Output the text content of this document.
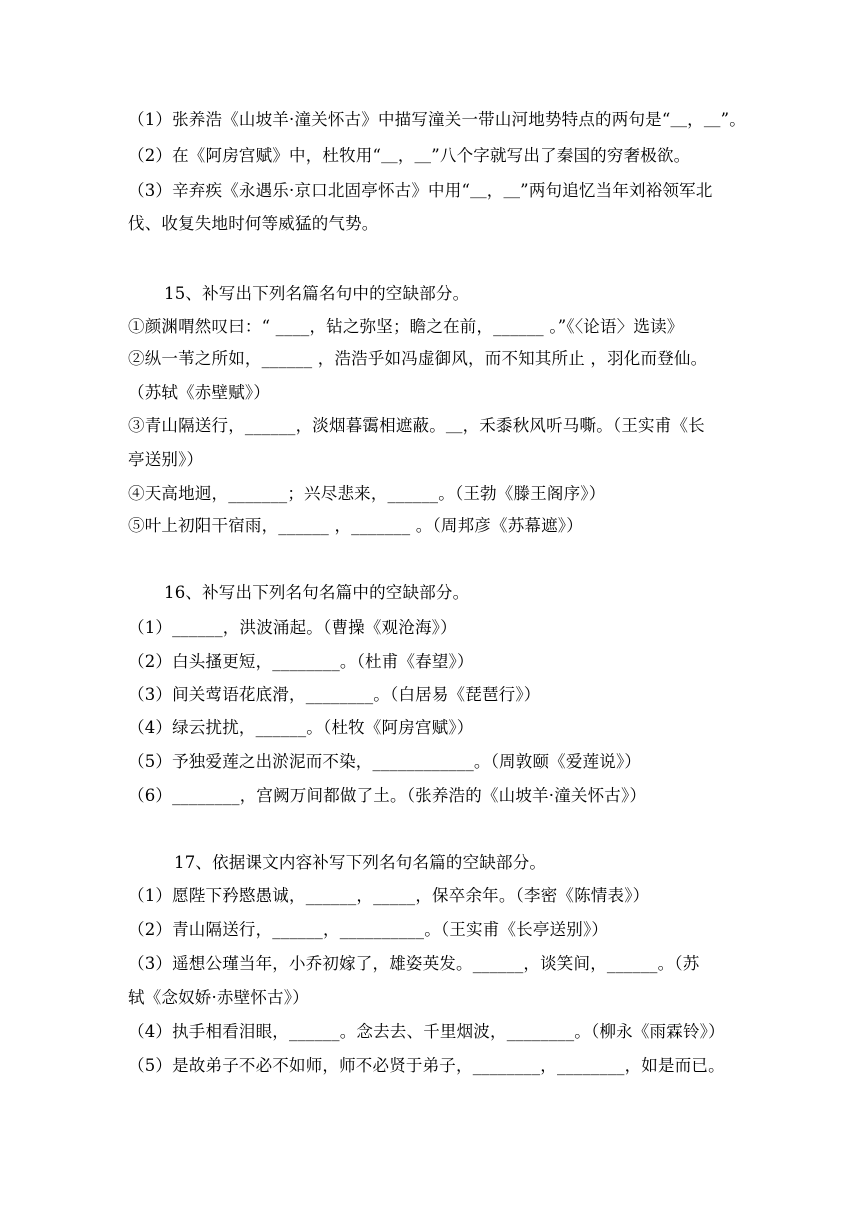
（1）张养浩《山坡羊·潼关怀古》中描写潼关一带山河地势特点的两句是“＿，＿”。
（2）在《阿房宫赋》中，杜牧用“＿，＿”八个字就写出了秦国的穷奢极欲。
（3）辛弃疾《永遇乐·京口北固亭怀古》中用“＿，＿”两句追忆当年刘裕领军北
伐、收复失地时何等威猛的气势。
15、补写出下列名篇名句中的空缺部分。
①颜渊喟然叹曰：“ ____，钻之弥坚；瞻之在前，______ 。”《〈论语〉选读》
②纵一苇之所如，______ ，浩浩乎如冯虚御风，而不知其所止 ，羽化而登仙。
（苏轼《赤壁赋》）
③青山隔送行，______，淡烟暮霭相遮蔽。＿，禾黍秋风听马嘶。（王实甫《长
亭送别》）
④天高地迥，_______；兴尽悲来，______。（王勃《滕王阁序》）
⑤叶上初阳干宿雨，______ ，_______ 。（周邦彦《苏幕遮》）
16、补写出下列名句名篇中的空缺部分。
（1）______，洪波涌起。（曹操《观沧海》）
（2）白头搔更短，________。（杜甫《春望》）
（3）间关莺语花底滑，________。（白居易《琵琶行》）
（4）绿云扰扰，______。（杜牧《阿房宫赋》）
（5）予独爱莲之出淤泥而不染，____________。（周敦颐《爱莲说》）
（6）________，宫阙万间都做了土。（张养浩的《山坡羊·潼关怀古》）
17、依据课文内容补写下列名句名篇的空缺部分。
（1）愿陛下矜愍愚诚，______，_____，保卒余年。（李密《陈情表》）
（2）青山隔送行，______，__________。（王实甫《长亭送别》）
（3）遥想公瑾当年，小乔初嫁了，雄姿英发。______，谈笑间，______。（苏
轼《念奴娇·赤壁怀古》）
（4）执手相看泪眼，______。念去去、千里烟波，________。（柳永《雨霖铃》）
（5）是故弟子不必不如师，师不必贤于弟子，________，________，如是而已。
